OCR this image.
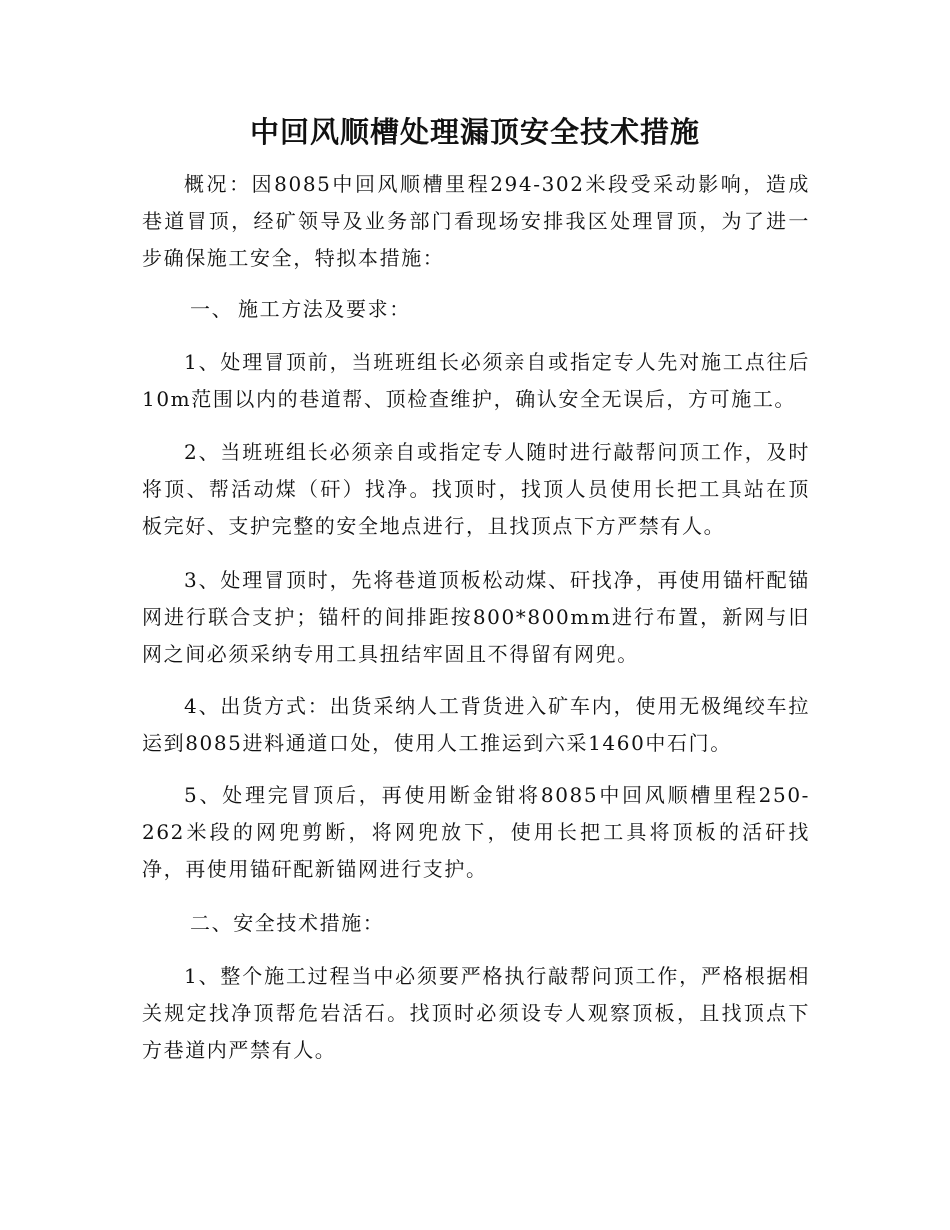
中回风顺槽处理漏顶安全技术措施

概况：因8085中回风顺槽里程294-302米段受采动影响，造成巷道冒顶，经矿领导及业务部门看现场安排我区处理冒顶，为了进一步确保施工安全，特拟本措施：

一、 施工方法及要求：

1、处理冒顶前，当班班组长必须亲自或指定专人先对施工点往后10m范围以内的巷道帮、顶检查维护，确认安全无误后，方可施工。

2、当班班组长必须亲自或指定专人随时进行敲帮问顶工作，及时将顶、帮活动煤（矸）找净。找顶时，找顶人员使用长把工具站在顶板完好、支护完整的安全地点进行，且找顶点下方严禁有人。

3、处理冒顶时，先将巷道顶板松动煤、矸找净，再使用锚杆配锚网进行联合支护；锚杆的间排距按800*800mm进行布置，新网与旧网之间必须采纳专用工具扭结牢固且不得留有网兜。

4、出货方式：出货采纳人工背货进入矿车内，使用无极绳绞车拉运到8085进料通道口处，使用人工推运到六采1460中石门。

5、处理完冒顶后，再使用断金钳将8085中回风顺槽里程250-262米段的网兜剪断，将网兜放下，使用长把工具将顶板的活矸找净，再使用锚矸配新锚网进行支护。

二、安全技术措施：

1、整个施工过程当中必须要严格执行敲帮问顶工作，严格根据相关规定找净顶帮危岩活石。找顶时必须设专人观察顶板，且找顶点下方巷道内严禁有人。
